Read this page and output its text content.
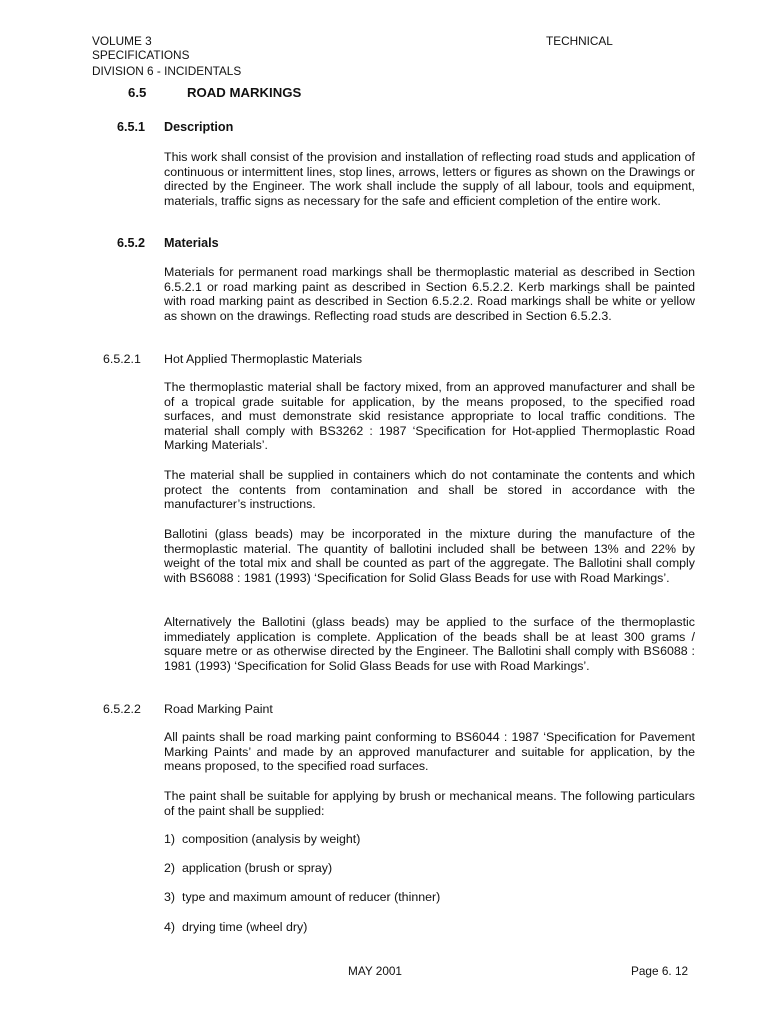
VOLUME 3
SPECIFICATIONS
DIVISION 6 - INCIDENTALS
TECHNICAL
6.5	ROAD MARKINGS
6.5.1 Description
This work shall consist of the provision and installation of reflecting road studs and application of continuous or intermittent lines, stop lines, arrows, letters or figures as shown on the Drawings or directed by the Engineer. The work shall include the supply of all labour, tools and equipment, materials, traffic signs as necessary for the safe and efficient completion of the entire work.
6.5.2 Materials
Materials for permanent road markings shall be thermoplastic material as described in Section 6.5.2.1 or road marking paint as described in Section 6.5.2.2. Kerb markings shall be painted with road marking paint as described in Section 6.5.2.2. Road markings shall be white or yellow as shown on the drawings. Reflecting road studs are described in Section 6.5.2.3.
6.5.2.1 Hot Applied Thermoplastic Materials
The thermoplastic material shall be factory mixed, from an approved manufacturer and shall be of a tropical grade suitable for application, by the means proposed, to the specified road surfaces, and must demonstrate skid resistance appropriate to local traffic conditions. The material shall comply with BS3262 : 1987 ‘Specification for Hot-applied Thermoplastic Road Marking Materials’.
The material shall be supplied in containers which do not contaminate the contents and which protect the contents from contamination and shall be stored in accordance with the manufacturer’s instructions.
Ballotini (glass beads) may be incorporated in the mixture during the manufacture of the thermoplastic material. The quantity of ballotini included shall be between 13% and 22% by weight of the total mix and shall be counted as part of the aggregate. The Ballotini shall comply with BS6088 : 1981 (1993) ‘Specification for Solid Glass Beads for use with Road Markings’.
Alternatively the Ballotini (glass beads) may be applied to the surface of the thermoplastic immediately application is complete. Application of the beads shall be at least 300 grams / square metre or as otherwise directed by the Engineer. The Ballotini shall comply with BS6088 : 1981 (1993) ‘Specification for Solid Glass Beads for use with Road Markings’.
6.5.2.2 Road Marking Paint
All paints shall be road marking paint conforming to BS6044 : 1987 ‘Specification for Pavement Marking Paints’ and made by an approved manufacturer and suitable for application, by the means proposed, to the specified road surfaces.
The paint shall be suitable for applying by brush or mechanical means. The following particulars of the paint shall be supplied:
1) composition (analysis by weight)
2) application (brush or spray)
3) type and maximum amount of reducer (thinner)
4) drying time (wheel dry)
MAY 2001	Page 6. 12
